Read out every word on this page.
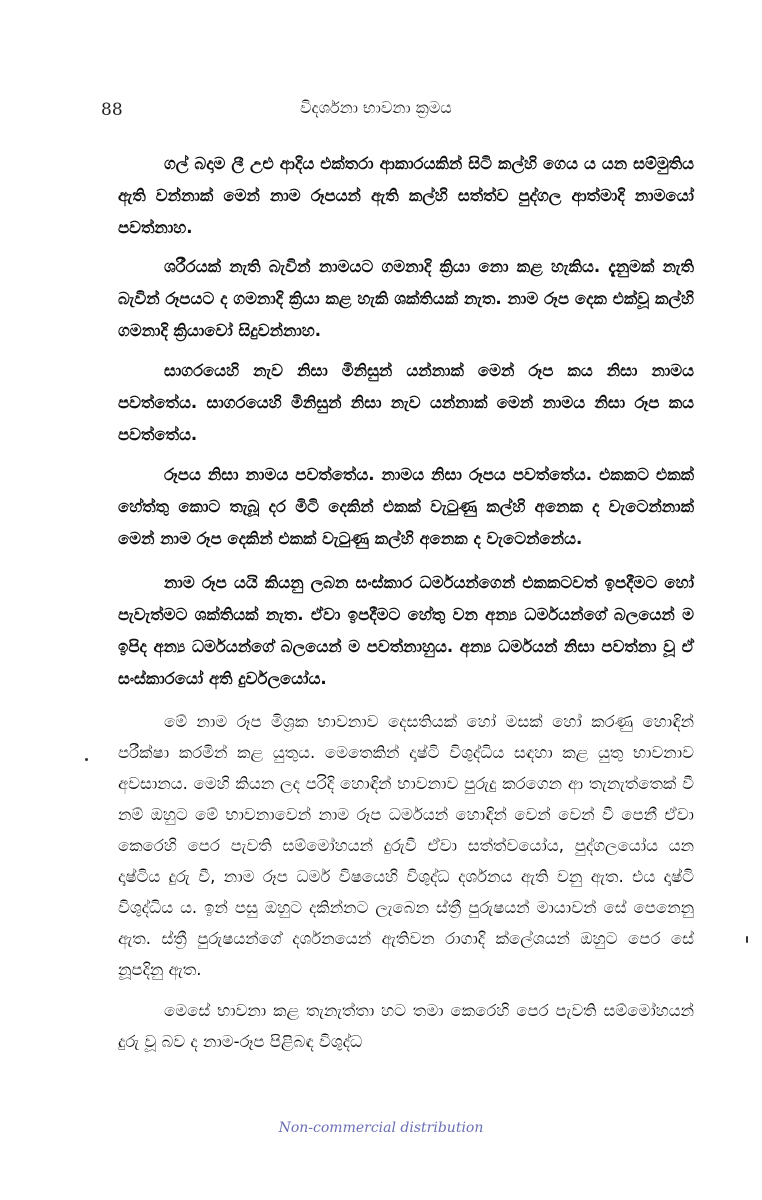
88	විදර්ශනා භාවනා ක්‍රමය

ගල් බදාම ලී උළු ආදිය එක්තරා ආකාරයකින් සිටි කල්හි ගෙය ය යන සම්මුතිය ඇති වන්නාක් මෙන් නාම රූපයන් ඇති කල්හි සත්ත්ව පුද්ගල ආත්මාදි නාමයෝ පවත්නාහ.

ශරීරයක් නැති බැවින් නාමයට ගමනාදි ක්‍රියා නො කළ හැකිය. දැනුමක් නැති බැවින් රූපයට ද ගමනාදි ක්‍රියා කළ හැකි ශක්තියක් නැත. නාම රූප දෙක එක්වූ කල්හි ගමනාදි ක්‍රියාවෝ සිදුවන්නාහ.

සාගරයෙහි නැව නිසා මිනිසුන් යන්නාක් මෙන් රූප කය නිසා නාමය පවත්තේය. සාගරයෙහි මිනිසුන් නිසා නැව යන්නාක් මෙන් නාමය නිසා රූප කය පවත්තේය.

රූපය නිසා නාමය පවත්තේය. නාමය නිසා රූපය පවත්තේය. එකකට එකක් හේත්තු කොට තැබූ දර මිටි දෙකින් එකක් වැටුණු කල්හි අනෙක ද වැටෙන්නාක් මෙන් නාම රූප දෙකින් එකක් වැටුණු කල්හි අනෙක ද වැටෙන්නේය.

නාම රූප යයි කියනු ලබන සංස්කාර ධර්මයන්ගෙන් එකකටවත් ඉපදීමට හෝ පැවැත්මට ශක්තියක් නැත. ඒවා ඉපදීමට හේතු වන අන්‍ය ධර්මයන්ගේ බලයෙන් ම ඉපිද අන්‍ය ධර්මයන්ගේ බලයෙන් ම පවත්නාහුය. අන්‍ය ධර්මයන් නිසා පවත්නා වූ ඒ සංස්කාරයෝ අති දුර්වලයෝය.

මේ නාම රූප මිශ්‍රක භාවනාව දෙසතියක් හෝ මසක් හෝ කරණු හොඳින් පරීක්ෂා කරමින් කළ යුතුය. මෙතෙකින් දෘෂ්ටි විශුද්ධිය සඳහා කළ යුතු භාවනාව අවසානය. මෙහි කියන ලද පරිදි හොඳින් භාවනාව පුරුදු කරගෙන ආ තැනැත්තෙක් වී නම් ඔහුට මේ භාවනාවෙන් නාම රූප ධර්මයන් හොඳින් වෙන් වෙන් වී පෙනී ඒවා කෙරෙහි පෙර පැවති සම්මෝහයන් දුරුවී ඒවා සත්ත්වයෝය, පුද්ගලයෝය යන දෘෂ්ටිය දුරු වී, නාම රූප ධර්ම විෂයෙහි විශුද්ධ දර්ශනය ඇති වනු ඇත. එය දෘෂ්ටි විශුද්ධිය ය. ඉන් පසු ඔහුට දකින්නට ලැබෙන ස්ත්‍රී පුරුෂයන් මායාවන් සේ පෙනෙනු ඇත. ස්ත්‍රී පුරුෂයන්ගේ දර්ශනයෙන් ඇතිවන රාගාදි ක්ලේශයන් ඔහුට පෙර සේ නූපදිනු ඇත.

මෙසේ භාවනා කළ තැනැත්තා හට තමා කෙරෙහි පෙර පැවති සම්මෝහයන් දුරු වූ බව ද නාම-රූප පිළිබඳ විශුද්ධ

Non-commercial distribution
